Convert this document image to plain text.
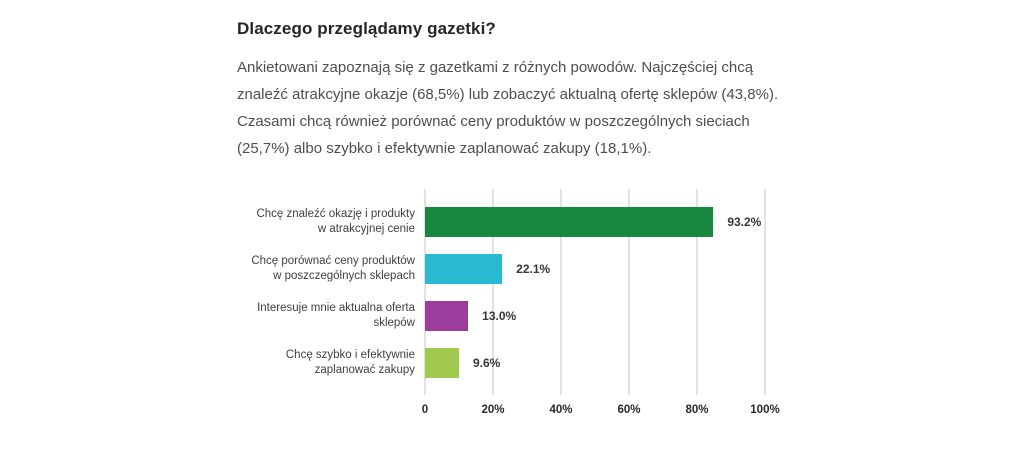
Dlaczego przeglądamy gazetki?

Ankietowani zapoznają się z gazetkami z różnych powodów. Najczęściej chcą znaleźć atrakcyjne okazje (68,5%) lub zobaczyć aktualną ofertę sklepów (43,8%). Czasami chcą również porównać ceny produktów w poszczególnych sieciach (25,7%) albo szybko i efektywnie zaplanować zakupy (18,1%).

Chcę znaleźć okazję i produkty w atrakcyjnej cenie
Chcę porównać ceny produktów w poszczególnych sklepach
Interesuje mnie aktualna oferta sklepów
Chcę szybko i efektywnie zaplanować zakupy
93.2%
22.1%
13.0%
9.6%
0	20%	40%	60%	80%	100%
